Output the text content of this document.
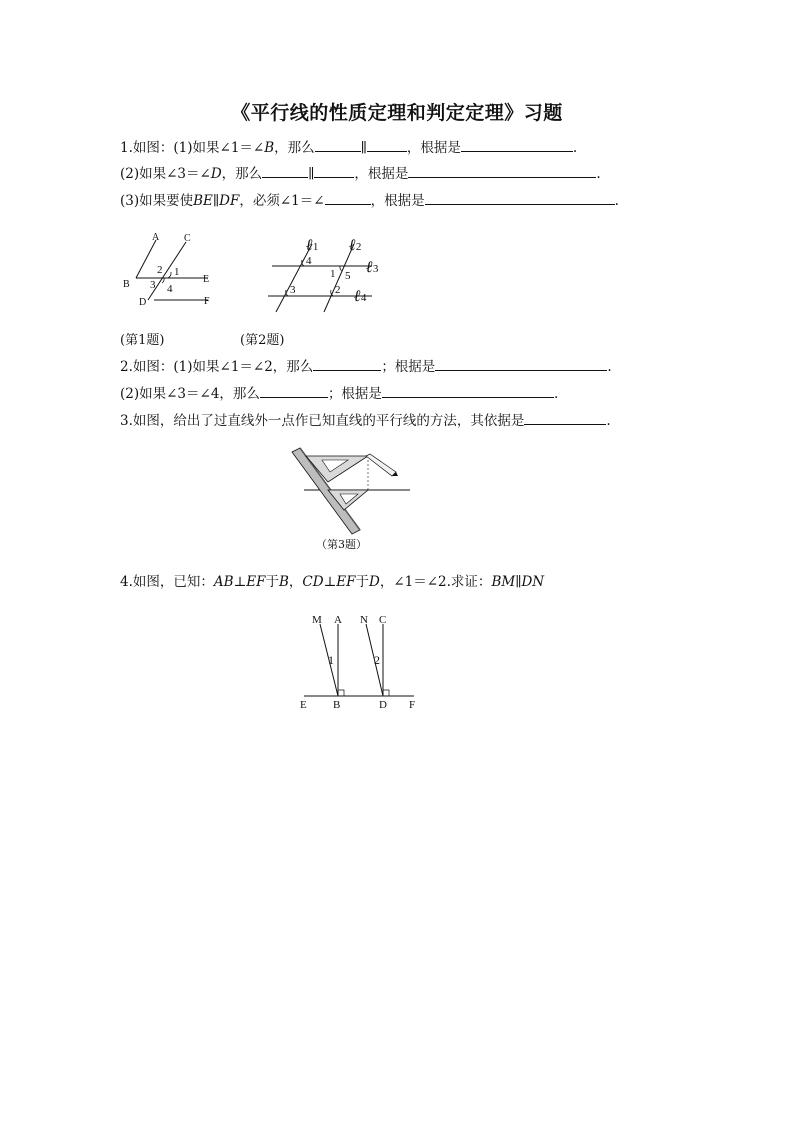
《平行线的性质定理和判定定理》习题
1.如图：(1)如果∠1＝∠B，那么	∥	，根据是	.
(2)如果∠3＝∠D，那么	∥	，根据是	.
(3)如果要使BE∥DF，必须∠1＝∠	，根据是	.
A C
B	E
D	F
2 1
3 4
(第1题)
ℓ1 ℓ2
ℓ3
ℓ4
4
1 5
3	2
(第2题)
2.如图：(1)如果∠1＝∠2，那么	；根据是	.
(2)如果∠3＝∠4，那么	；根据是	.
3.如图，给出了过直线外一点作已知直线的平行线的方法，其依据是	.
（第3题）
4.如图，已知：AB⊥EF于B，CD⊥EF于D，∠1＝∠2.求证：BM∥DN
M A N C
E B	D F
1	2
